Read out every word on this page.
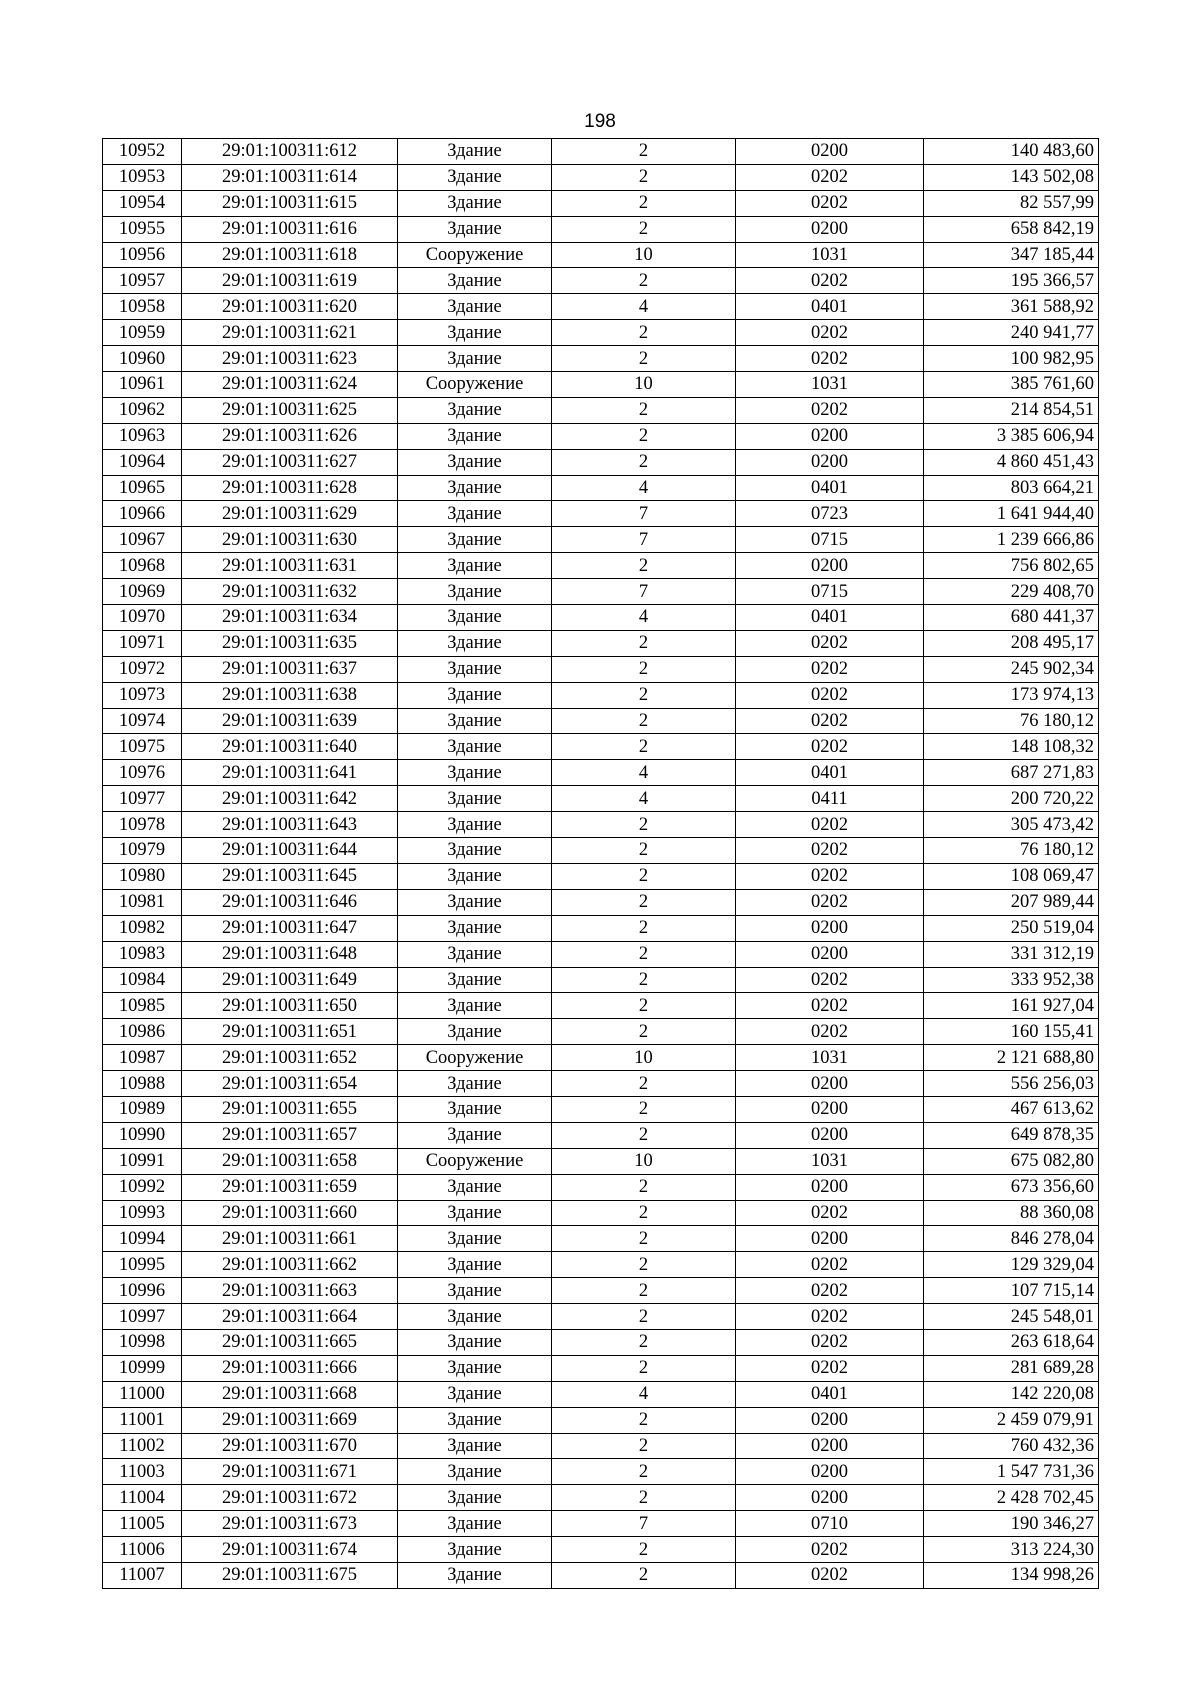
198
10952	29:01:100311:612	Здание	2	0200	140 483,60
10953	29:01:100311:614	Здание	2	0202	143 502,08
10954	29:01:100311:615	Здание	2	0202	82 557,99
10955	29:01:100311:616	Здание	2	0200	658 842,19
10956	29:01:100311:618	Сооружение	10	1031	347 185,44
10957	29:01:100311:619	Здание	2	0202	195 366,57
10958	29:01:100311:620	Здание	4	0401	361 588,92
10959	29:01:100311:621	Здание	2	0202	240 941,77
10960	29:01:100311:623	Здание	2	0202	100 982,95
10961	29:01:100311:624	Сооружение	10	1031	385 761,60
10962	29:01:100311:625	Здание	2	0202	214 854,51
10963	29:01:100311:626	Здание	2	0200	3 385 606,94
10964	29:01:100311:627	Здание	2	0200	4 860 451,43
10965	29:01:100311:628	Здание	4	0401	803 664,21
10966	29:01:100311:629	Здание	7	0723	1 641 944,40
10967	29:01:100311:630	Здание	7	0715	1 239 666,86
10968	29:01:100311:631	Здание	2	0200	756 802,65
10969	29:01:100311:632	Здание	7	0715	229 408,70
10970	29:01:100311:634	Здание	4	0401	680 441,37
10971	29:01:100311:635	Здание	2	0202	208 495,17
10972	29:01:100311:637	Здание	2	0202	245 902,34
10973	29:01:100311:638	Здание	2	0202	173 974,13
10974	29:01:100311:639	Здание	2	0202	76 180,12
10975	29:01:100311:640	Здание	2	0202	148 108,32
10976	29:01:100311:641	Здание	4	0401	687 271,83
10977	29:01:100311:642	Здание	4	0411	200 720,22
10978	29:01:100311:643	Здание	2	0202	305 473,42
10979	29:01:100311:644	Здание	2	0202	76 180,12
10980	29:01:100311:645	Здание	2	0202	108 069,47
10981	29:01:100311:646	Здание	2	0202	207 989,44
10982	29:01:100311:647	Здание	2	0200	250 519,04
10983	29:01:100311:648	Здание	2	0200	331 312,19
10984	29:01:100311:649	Здание	2	0202	333 952,38
10985	29:01:100311:650	Здание	2	0202	161 927,04
10986	29:01:100311:651	Здание	2	0202	160 155,41
10987	29:01:100311:652	Сооружение	10	1031	2 121 688,80
10988	29:01:100311:654	Здание	2	0200	556 256,03
10989	29:01:100311:655	Здание	2	0200	467 613,62
10990	29:01:100311:657	Здание	2	0200	649 878,35
10991	29:01:100311:658	Сооружение	10	1031	675 082,80
10992	29:01:100311:659	Здание	2	0200	673 356,60
10993	29:01:100311:660	Здание	2	0202	88 360,08
10994	29:01:100311:661	Здание	2	0200	846 278,04
10995	29:01:100311:662	Здание	2	0202	129 329,04
10996	29:01:100311:663	Здание	2	0202	107 715,14
10997	29:01:100311:664	Здание	2	0202	245 548,01
10998	29:01:100311:665	Здание	2	0202	263 618,64
10999	29:01:100311:666	Здание	2	0202	281 689,28
11000	29:01:100311:668	Здание	4	0401	142 220,08
11001	29:01:100311:669	Здание	2	0200	2 459 079,91
11002	29:01:100311:670	Здание	2	0200	760 432,36
11003	29:01:100311:671	Здание	2	0200	1 547 731,36
11004	29:01:100311:672	Здание	2	0200	2 428 702,45
11005	29:01:100311:673	Здание	7	0710	190 346,27
11006	29:01:100311:674	Здание	2	0202	313 224,30
11007	29:01:100311:675	Здание	2	0202	134 998,26
